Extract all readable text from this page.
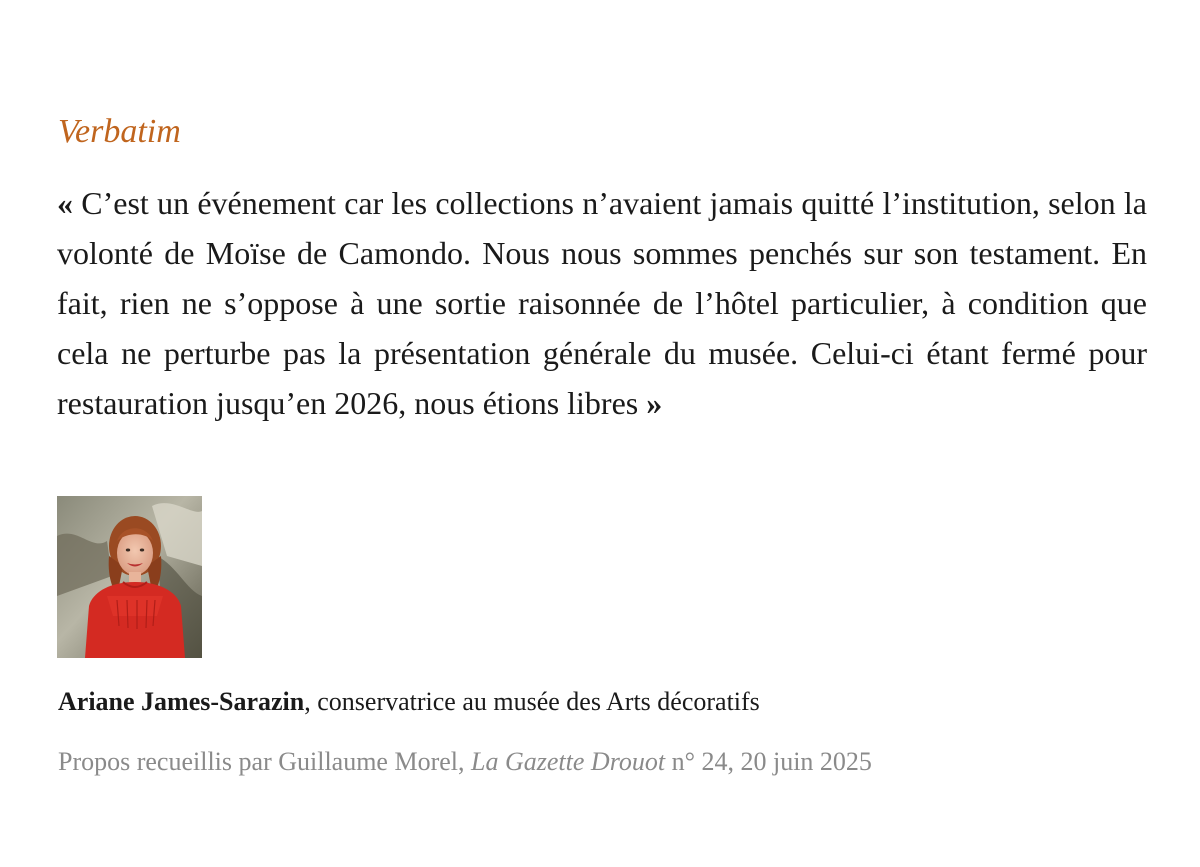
Verbatim

« C’est un événement car les collections n’avaient jamais quitté l’institution, selon la volonté de Moïse de Camondo. Nous nous sommes penchés sur son testament. En fait, rien ne s’oppose à une sortie raisonnée de l’hôtel particulier, à condition que cela ne perturbe pas la présentation générale du musée. Celui-ci étant fermé pour restauration jusqu’en 2026, nous étions libres »

Ariane James-Sarazin, conservatrice au musée des Arts décoratifs

Propos recueillis par Guillaume Morel, La Gazette Drouot n° 24, 20 juin 2025
